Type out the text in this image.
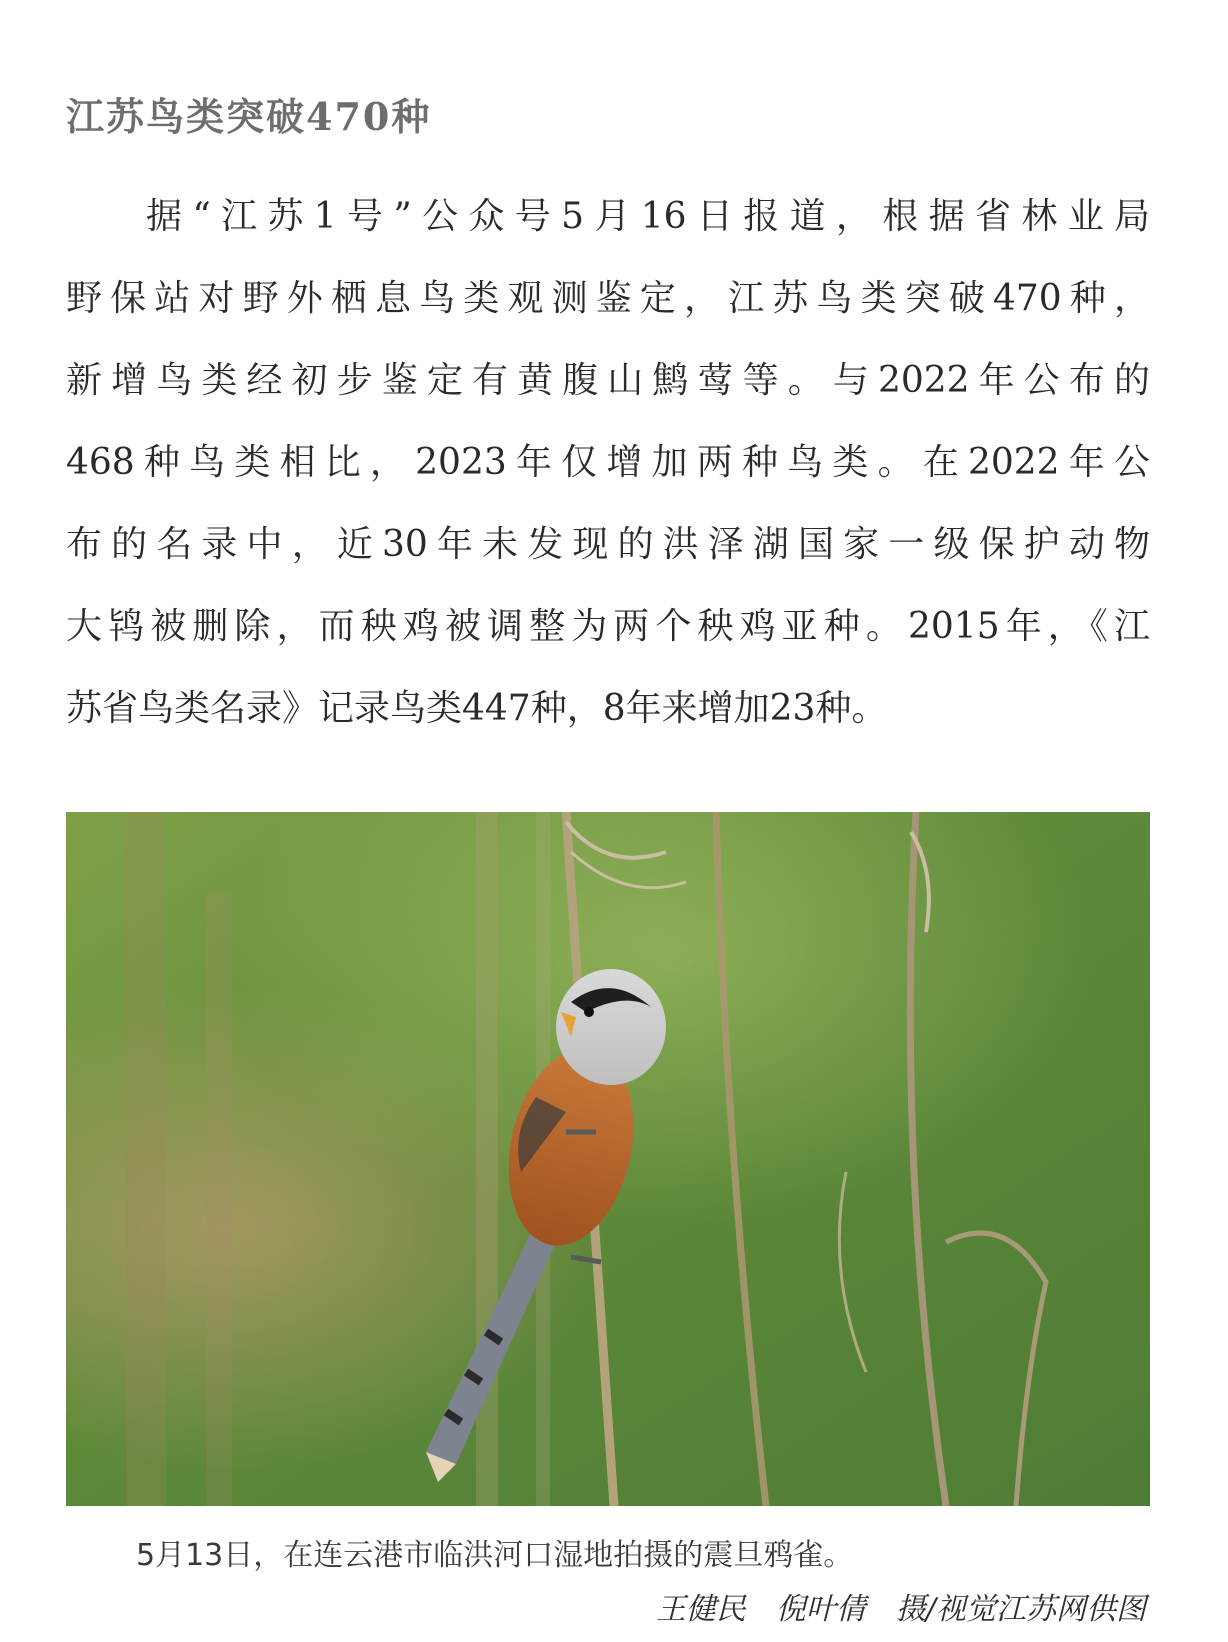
江苏鸟类突破470种
据“江苏1号”公众号5月16日报道，根据省林业局
野保站对野外栖息鸟类观测鉴定，江苏鸟类突破470种，
新增鸟类经初步鉴定有黄腹山鹪莺等。与2022年公布的
468种鸟类相比，2023年仅增加两种鸟类。在2022年公
布的名录中，近30年未发现的洪泽湖国家一级保护动物
大鸨被删除，而秧鸡被调整为两个秧鸡亚种。2015年，《江
苏省鸟类名录》记录鸟类447种，8年来增加23种。
5月13日，在连云港市临洪河口湿地拍摄的震旦鸦雀。
王健民　倪叶倩　摄/视觉江苏网供图
